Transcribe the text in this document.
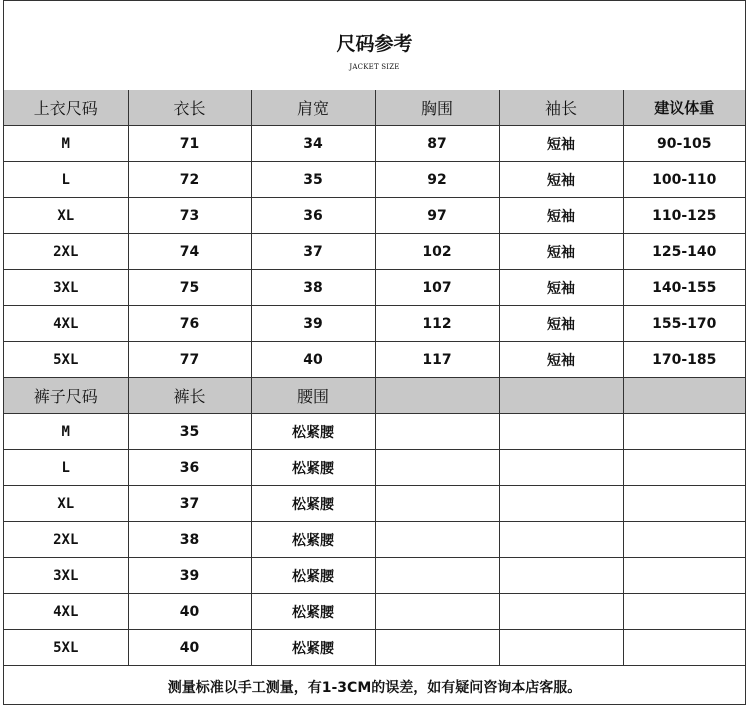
尺码参考
JACKET SIZE
上衣尺码	衣长	肩宽	胸围	袖长	建议体重
M	71	34	87	短袖	90-105
L	72	35	92	短袖	100-110
XL	73	36	97	短袖	110-125
2XL	74	37	102	短袖	125-140
3XL	75	38	107	短袖	140-155
4XL	76	39	112	短袖	155-170
5XL	77	40	117	短袖	170-185
裤子尺码	裤长	腰围			
M	35	松紧腰			
L	36	松紧腰			
XL	37	松紧腰			
2XL	38	松紧腰			
3XL	39	松紧腰			
4XL	40	松紧腰			
5XL	40	松紧腰			
测量标准以手工测量，有1-3CM的误差，如有疑问咨询本店客服。
